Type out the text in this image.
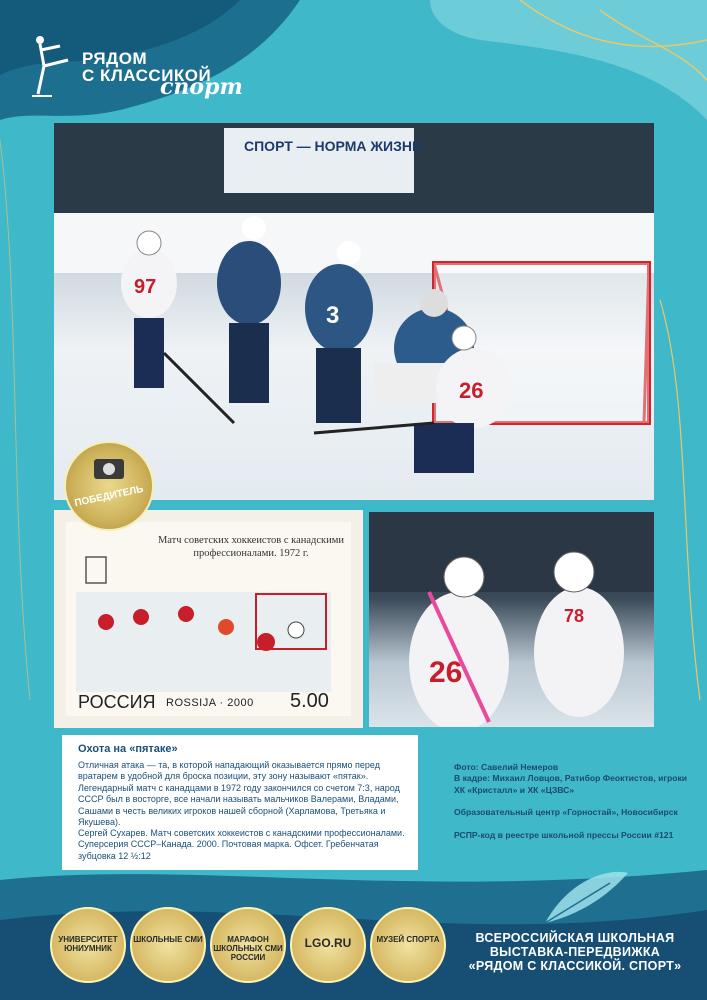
РЯДОМ
С КЛАССИКОЙ
спорт
СПОРТ — НОРМА ЖИЗНИ
97
3
26
Матч советских хоккеистов с канадскими профессионалами. 1972 г.
РОССИЯ ROSSIJA · 2000 5.00
ПОБЕДИТЕЛЬ
26
78
Охота на «пятаке»

Отличная атака — та, в которой нападающий оказывается прямо перед вратарем в удобной для броска позиции, эту зону называют «пятак». Легендарный матч с канадцами в 1972 году закончился со счетом 7:3, народ СССР был в восторге, все начали называть мальчиков Валерами, Владами, Сашами в честь великих игроков нашей сборной (Харламова, Третьяка и Якушева).

Сергей Сухарев. Матч советских хоккеистов с канадскими профессионалами. Суперсерия СССР–Канада. 2000. Почтовая марка. Офсет. Гребенчатая зубцовка 12 ½:12

Фото: Савелий Немеров

В кадре: Михаил Ловцов, Ратибор Феоктистов, игроки ХК «Кристалл» и ХК «ЦЗВС»

Образовательный центр «Горностай», Новосибирск

РСПР-код в реестре школьной прессы России #121

УНИВЕРСИТЕТ ЮНИУМНИК
ШКОЛЬНЫЕ СМИ	МАРАФОН ШКОЛЬНЫХ СМИ РОССИИ
LGO.RU	МУЗЕЙ СПОРТА	ВСЕРОССИЙСКАЯ ШКОЛЬНАЯ
ВЫСТАВКА-ПЕРЕДВИЖКА
«РЯДОМ С КЛАССИКОЙ. СПОРТ»
